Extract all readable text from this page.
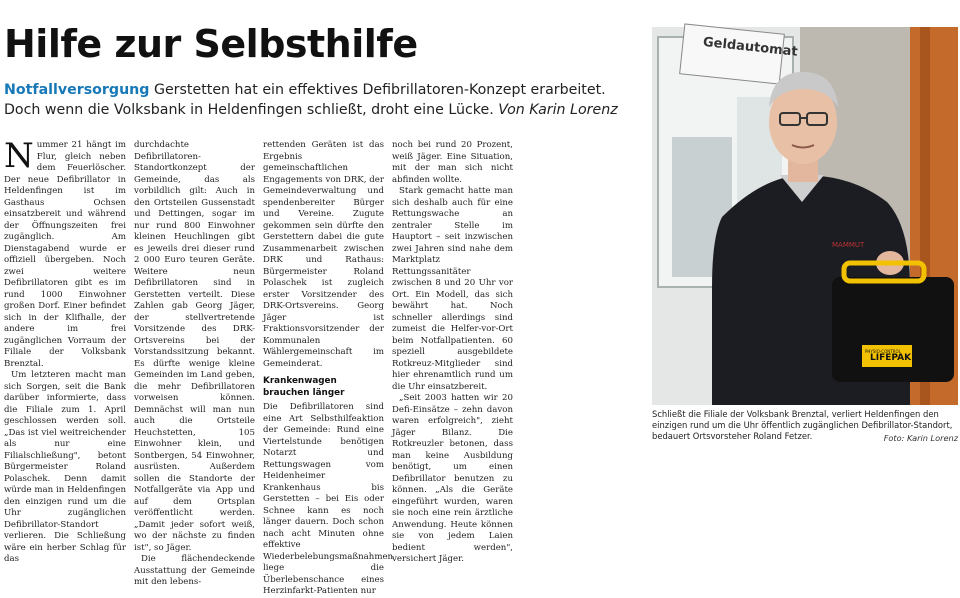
Hilfe zur Selbsthilfe
Notfallversorgung Gerstetten hat ein effektives Defibrillatoren-Konzept erarbeitet. Doch wenn die Volksbank in Heldenfingen schließt, droht eine Lücke. Von Karin Lorenz

Nummer 21 hängt im Flur, gleich neben dem Feuerlöscher. Der neue Defibrillator in Heldenfingen ist im Gasthaus Ochsen einsatzbereit und während der Öffnungszeiten frei zugänglich. Am Dienstagabend wurde er offiziell übergeben. Noch zwei weitere Defibrillatoren gibt es im rund 1000 Einwohner großen Dorf. Einer befindet sich in der Klifhalle, der andere im frei zugänglichen Vorraum der Filiale der Volksbank Brenztal.

Um letzteren macht man sich Sorgen, seit die Bank darüber informierte, dass die Filiale zum 1. April geschlossen werden soll. „Das ist viel weitreichender als nur eine Filialschließung", betont Bürgermeister Roland Polaschek. Denn damit würde man in Heldenfingen den einzigen rund um die Uhr zugänglichen Defibrillator-Standort verlieren. Die Schließung wäre ein herber Schlag für das

durchdachte Defibrillatoren-Standortkonzept der Gemeinde, das als vorbildlich gilt: Auch in den Ortsteilen Gussenstadt und Dettingen, sogar im nur rund 800 Einwohner kleinen Heuchlingen gibt es jeweils drei dieser rund 2 000 Euro teuren Geräte. Weitere neun Defibrillatoren sind in Gerstetten verteilt. Diese Zahlen gab Georg Jäger, der stellvertretende Vorsitzende des DRK-Ortsvereins bei der Vorstandssitzung bekannt. Es dürfte wenige kleine Gemeinden im Land geben, die mehr Defibrillatoren vorweisen können. Demnächst will man nun auch die Ortsteile Heuchstetten, 105 Einwohner klein, und Sontbergen, 54 Einwohner, ausrüsten. Außerdem sollen die Standorte der Notfallgeräte via App und auf dem Ortsplan veröffentlicht werden. „Damit jeder sofort weiß, wo der nächste zu finden ist", so Jäger.

Die flächendeckende Ausstattung der Gemeinde mit den lebens-

rettenden Geräten ist das Ergebnis gemeinschaftlichen Engagements von DRK, der Gemeindeverwaltung und spendenbereiter Bürger und Vereine. Zugute gekommen sein dürfte den Gerstettern dabei die gute Zusammenarbeit zwischen DRK und Rathaus: Bürgermeister Roland Polaschek ist zugleich erster Vorsitzender des DRK-Ortsvereins. Georg Jäger ist Fraktionsvorsitzender der Kommunalen Wählergemeinschaft im Gemeinderat.

Krankenwagen brauchen länger

Die Defibrillatoren sind eine Art Selbsthilfeaktion der Gemeinde: Rund eine Viertelstunde benötigen Notarzt und Rettungswagen vom Heidenheimer Krankenhaus bis Gerstetten – bei Eis oder Schnee kann es noch länger dauern. Doch schon nach acht Minuten ohne effektive Wiederbelebungsmaßnahmen liege die Überlebenschance eines Herzinfarkt-Patienten nur

noch bei rund 20 Prozent, weiß Jäger. Eine Situation, mit der man sich nicht abfinden wollte.

Stark gemacht hatte man sich deshalb auch für eine Rettungswache an zentraler Stelle im Hauptort – seit inzwischen zwei Jahren sind nahe dem Marktplatz Rettungssanitäter zwischen 8 und 20 Uhr vor Ort. Ein Modell, das sich bewährt hat. Noch schneller allerdings sind zumeist die Helfer-vor-Ort beim Notfallpatienten. 60 speziell ausgebildete Rotkreuz-Mitglieder sind hier ehrenamtlich rund um die Uhr einsatzbereit.

„Seit 2003 hatten wir 20 Defi-Einsätze – zehn davon waren erfolgreich", zieht Jäger Bilanz. Die Rotkreuzler betonen, dass man keine Ausbildung benötigt, um einen Defibrillator benutzen zu können. „Als die Geräte eingeführt wurden, waren sie noch eine rein ärztliche Anwendung. Heute können sie von jedem Laien bedient werden", versichert Jäger.

Geldautomat
MAMMUT
LIFEPAK
PHYSIO-CONTROL
Schließt die Filiale der Volksbank Brenztal, verliert Heldenfingen den einzigen rund um die Uhr öffentlich zugänglichen Defibrillator-Standort, bedauert Ortsvorsteher Roland Fetzer.	Foto: Karin Lorenz
